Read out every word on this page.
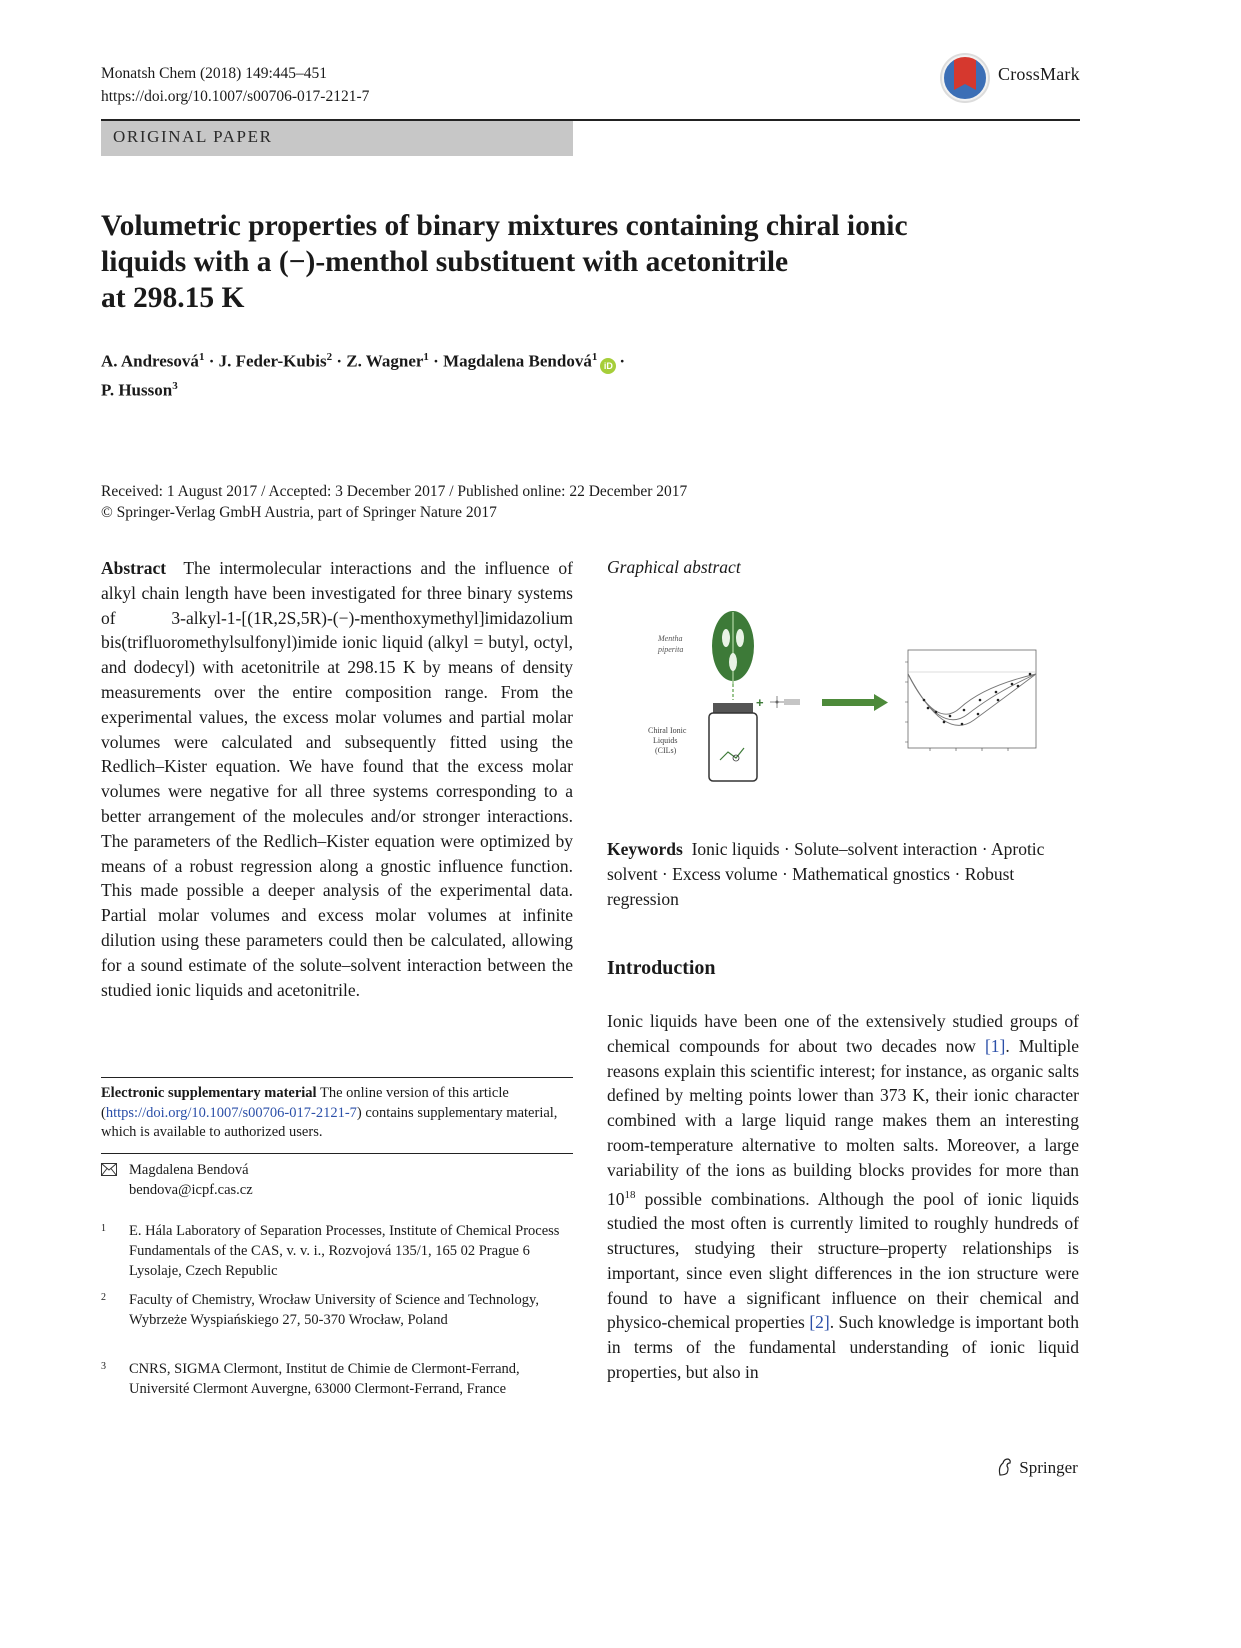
Monatsh Chem (2018) 149:445–451
https://doi.org/10.1007/s00706-017-2121-7
CrossMark
ORIGINAL PAPER
Volumetric properties of binary mixtures containing chiral ionic
liquids with a (−)-menthol substituent with acetonitrile
at 298.15 K
A. Andresová$^1$ · J. Feder-Kubis$^2$ · Z. Wagner$^1$ · Magdalena Bendová$^1$iD ·
P. Husson$^3$
Received: 1 August 2017 / Accepted: 3 December 2017 / Published online: 22 December 2017
© Springer-Verlag GmbH Austria, part of Springer Nature 2017
Abstract The intermolecular interactions and the influence of alkyl chain length have been investigated for three binary systems of 3-alkyl-1-[(1R,2S,5R)-(−)-menthoxymethyl]imidazolium bis(trifluoromethylsulfonyl)imide ionic liquid (alkyl = butyl, octyl, and dodecyl) with acetonitrile at 298.15 K by means of density measurements over the entire composition range. From the experimental values, the excess molar volumes and partial molar volumes were calculated and subsequently fitted using the Redlich–Kister equation. We have found that the excess molar volumes were negative for all three systems corresponding to a better arrangement of the molecules and/or stronger interactions. The parameters of the Redlich–Kister equation were optimized by means of a robust regression along a gnostic influence function. This made possible a deeper analysis of the experimental data. Partial molar volumes and excess molar volumes at infinite dilution using these parameters could then be calculated, allowing for a sound estimate of the solute–solvent interaction between the studied ionic liquids and acetonitrile.
Electronic supplementary material The online version of this article (https://doi.org/10.1007/s00706-017-2121-7) contains supplementary material, which is available to authorized users.
Magdalena Bendová
bendova@icpf.cas.cz
1 E. Hála Laboratory of Separation Processes, Institute of Chemical Process Fundamentals of the CAS, v. v. i., Rozvojová 135/1, 165 02 Prague 6 Lysolaje, Czech Republic
2 Faculty of Chemistry, Wrocław University of Science and Technology, Wybrzeże Wyspiańskiego 27, 50-370 Wrocław, Poland
3 CNRS, SIGMA Clermont, Institut de Chimie de Clermont-Ferrand, Université Clermont Auvergne, 63000 Clermont-Ferrand, France
Graphical abstract
Mentha
piperita
Chiral Ionic
Liquids
(CILs)
+
Keywords Ionic liquids · Solute–solvent interaction · Aprotic solvent · Excess volume · Mathematical gnostics · Robust regression
Introduction
Ionic liquids have been one of the extensively studied groups of chemical compounds for about two decades now [1]. Multiple reasons explain this scientific interest; for instance, as organic salts defined by melting points lower than 373 K, their ionic character combined with a large liquid range makes them an interesting room-temperature alternative to molten salts. Moreover, a large variability of the ions as building blocks provides for more than $10^{18}$ possible combinations. Although the pool of ionic liquids studied the most often is currently limited to roughly hundreds of structures, studying their structure–property relationships is important, since even slight differences in the ion structure were found to have a significant influence on their chemical and physico-chemical properties [2]. Such knowledge is important both in terms of the fundamental understanding of ionic liquid properties, but also in
Springer
